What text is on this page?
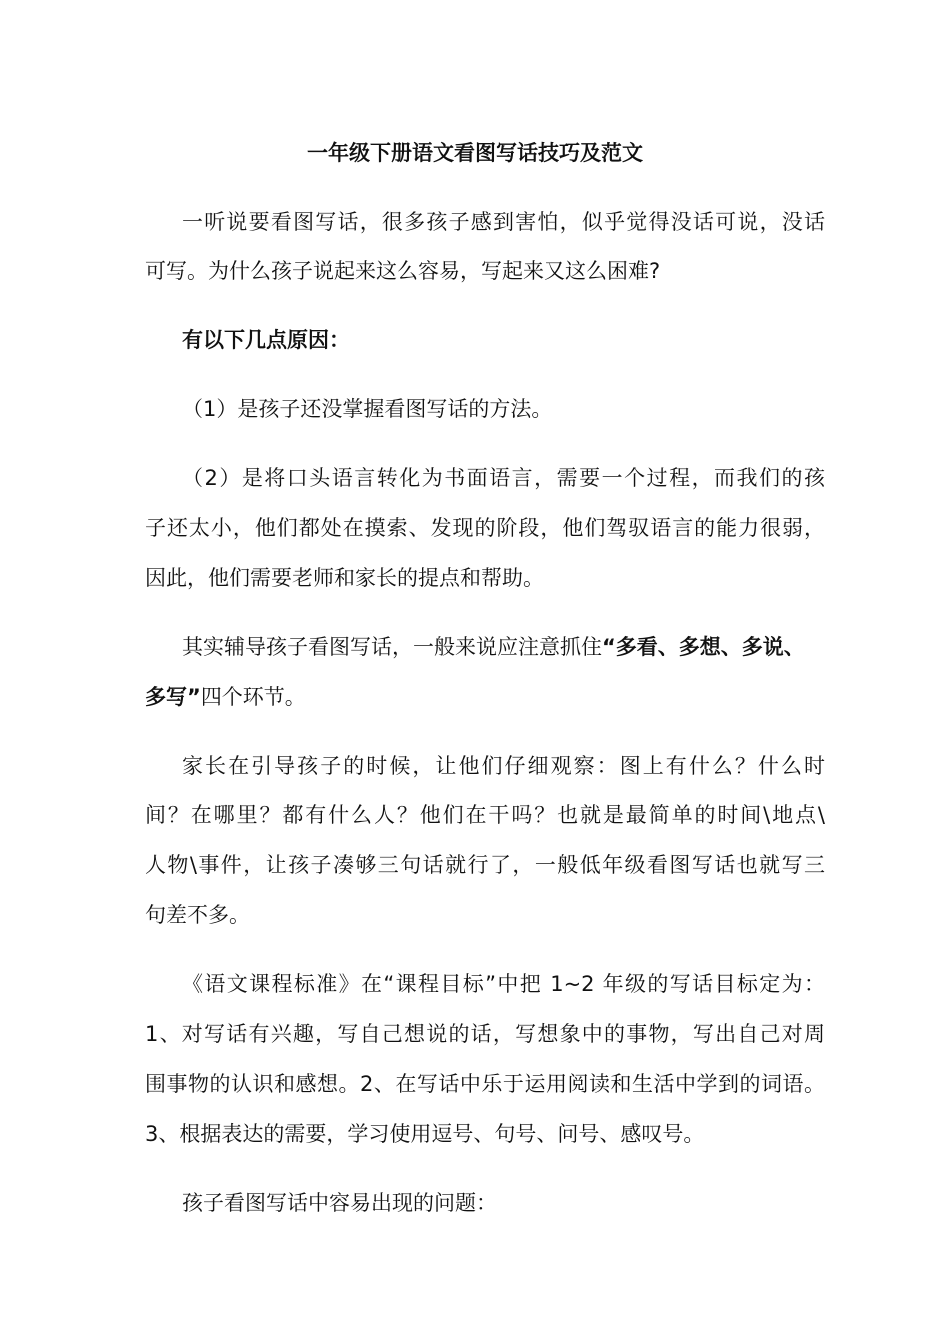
一年级下册语文看图写话技巧及范文
一听说要看图写话，很多孩子感到害怕，似乎觉得没话可说，没话
可写。为什么孩子说起来这么容易，写起来又这么困难?
有以下几点原因：
（1）是孩子还没掌握看图写话的方法。
（2）是将口头语言转化为书面语言，需要一个过程，而我们的孩
子还太小，他们都处在摸索、发现的阶段，他们驾驭语言的能力很弱，
因此，他们需要老师和家长的提点和帮助。
其实辅导孩子看图写话，一般来说应注意抓住“多看、多想、多说、
多写”四个环节。
家长在引导孩子的时候，让他们仔细观察：图上有什么？什么时
间？在哪里？都有什么人？他们在干吗？也就是最简单的时间\地点\
人物\事件，让孩子凑够三句话就行了，一般低年级看图写话也就写三
句差不多。
《语文课程标准》在“课程目标”中把 1~2 年级的写话目标定为：
1、对写话有兴趣，写自己想说的话，写想象中的事物，写出自己对周
围事物的认识和感想。2、在写话中乐于运用阅读和生活中学到的词语。
3、根据表达的需要，学习使用逗号、句号、问号、感叹号。
孩子看图写话中容易出现的问题：
